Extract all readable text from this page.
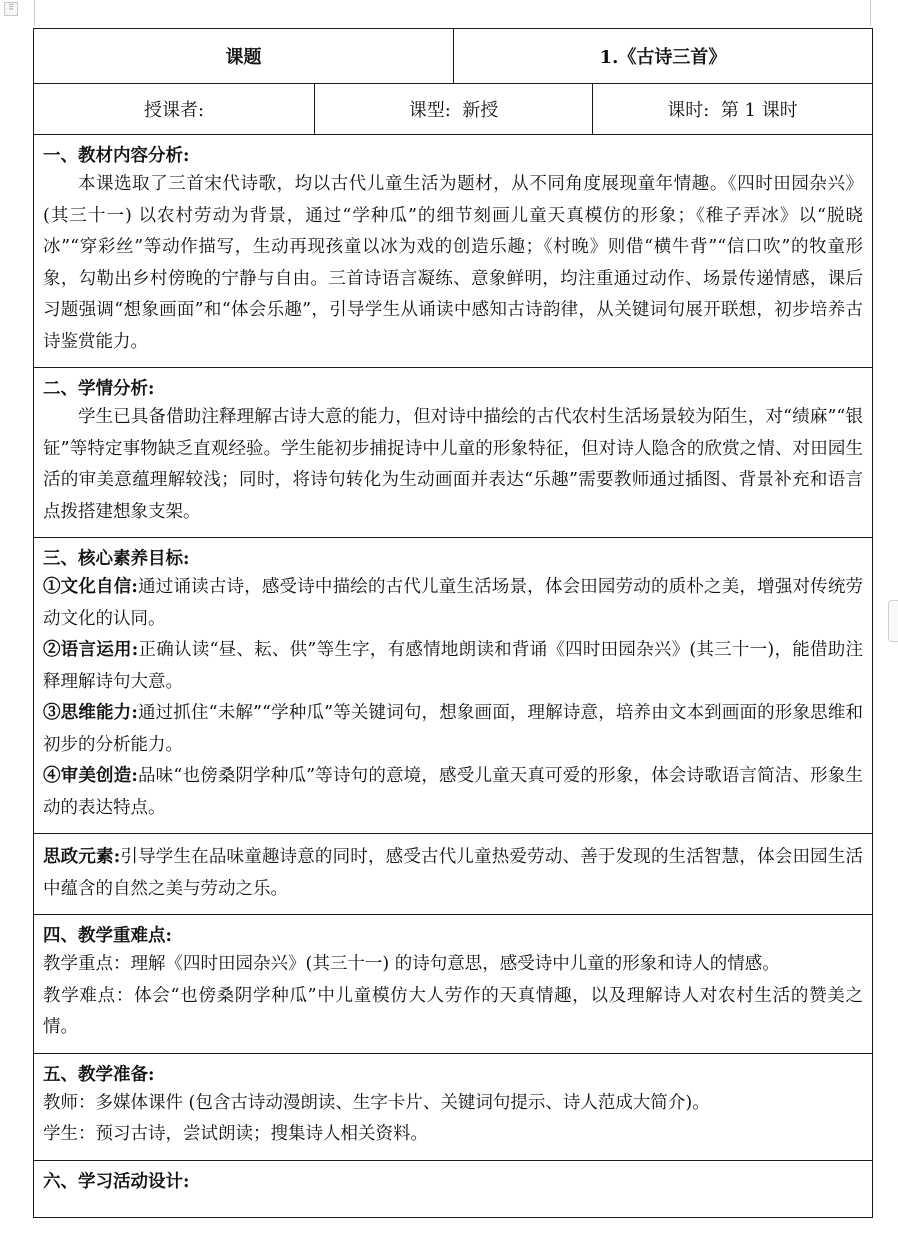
⠿
课题		1.《古诗三首》	
授课者:	课型: 新授		课时: 第 1 课时

一、教材内容分析:
本课选取了三首宋代诗歌，均以古代儿童生活为题材，从不同角度展现童年情趣。《四时田园杂兴》(其三十一) 以农村劳动为背景，通过“学种瓜”的细节刻画儿童天真模仿的形象；《稚子弄冰》以“脱晓冰”“穿彩丝”等动作描写，生动再现孩童以冰为戏的创造乐趣；《村晚》则借“横牛背”“信口吹”的牧童形象，勾勒出乡村傍晚的宁静与自由。三首诗语言凝练、意象鲜明，均注重通过动作、场景传递情感，课后习题强调“想象画面”和“体会乐趣”，引导学生从诵读中感知古诗韵律，从关键词句展开联想，初步培养古诗鉴赏能力。			

二、学情分析:
学生已具备借助注释理解古诗大意的能力，但对诗中描绘的古代农村生活场景较为陌生，对“绩麻”“银钲”等特定事物缺乏直观经验。学生能初步捕捉诗中儿童的形象特征，但对诗人隐含的欣赏之情、对田园生活的审美意蕴理解较浅；同时，将诗句转化为生动画面并表达“乐趣”需要教师通过插图、背景补充和语言点拨搭建想象支架。			

三、核心素养目标:
①文化自信:通过诵读古诗，感受诗中描绘的古代儿童生活场景，体会田园劳动的质朴之美，增强对传统劳动文化的认同。
②语言运用:正确认读“昼、耘、供”等生字，有感情地朗读和背诵《四时田园杂兴》(其三十一)，能借助注释理解诗句大意。
③思维能力:通过抓住“未解”“学种瓜”等关键词句，想象画面，理解诗意，培养由文本到画面的形象思维和初步的分析能力。
④审美创造:品味“也傍桑阴学种瓜”等诗句的意境，感受儿童天真可爱的形象，体会诗歌语言简洁、形象生动的表达特点。			

思政元素:引导学生在品味童趣诗意的同时，感受古代儿童热爱劳动、善于发现的生活智慧，体会田园生活中蕴含的自然之美与劳动之乐。			

四、教学重难点:
教学重点：理解《四时田园杂兴》(其三十一) 的诗句意思，感受诗中儿童的形象和诗人的情感。
教学难点：体会“也傍桑阴学种瓜”中儿童模仿大人劳作的天真情趣，以及理解诗人对农村生活的赞美之情。			

五、教学准备:
教师：多媒体课件 (包含古诗动漫朗读、生字卡片、关键词句提示、诗人范成大简介)。
学生：预习古诗，尝试朗读；搜集诗人相关资料。			

六、学习活动设计:			
